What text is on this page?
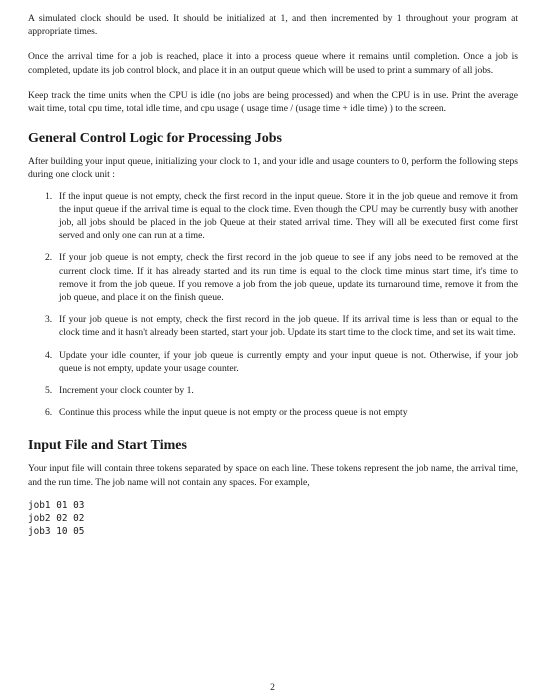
A simulated clock should be used. It should be initialized at 1, and then incremented by 1 throughout your program at appropriate times.

Once the arrival time for a job is reached, place it into a process queue where it remains until completion. Once a job is completed, update its job control block, and place it in an output queue which will be used to print a summary of all jobs.

Keep track the time units when the CPU is idle (no jobs are being processed) and when the CPU is in use. Print the average wait time, total cpu time, total idle time, and cpu usage ( usage time / (usage time + idle time) ) to the screen.

General Control Logic for Processing Jobs

After building your input queue, initializing your clock to 1, and your idle and usage counters to 0, perform the following steps during one clock unit :

1. If the input queue is not empty, check the first record in the input queue. Store it in the job queue and remove it from the input queue if the arrival time is equal to the clock time. Even though the CPU may be currently busy with another job, all jobs should be placed in the job Queue at their stated arrival time. They will all be executed first come first served and only one can run at a time.
2. If your job queue is not empty, check the first record in the job queue to see if any jobs need to be removed at the current clock time. If it has already started and its run time is equal to the clock time minus start time, it's time to remove it from the job queue. If you remove a job from the job queue, update its turnaround time, remove it from the job queue, and place it on the finish queue.
3. If your job queue is not empty, check the first record in the job queue. If its arrival time is less than or equal to the clock time and it hasn't already been started, start your job. Update its start time to the clock time, and set its wait time.
4. Update your idle counter, if your job queue is currently empty and your input queue is not. Otherwise, if your job queue is not empty, update your usage counter.
5. Increment your clock counter by 1.
6. Continue this process while the input queue is not empty or the process queue is not empty
Input File and Start Times

Your input file will contain three tokens separated by space on each line. These tokens represent the job name, the arrival time, and the run time. The job name will not contain any spaces. For example,

job1 01 03
job2 02 02
job3 10 05
2
